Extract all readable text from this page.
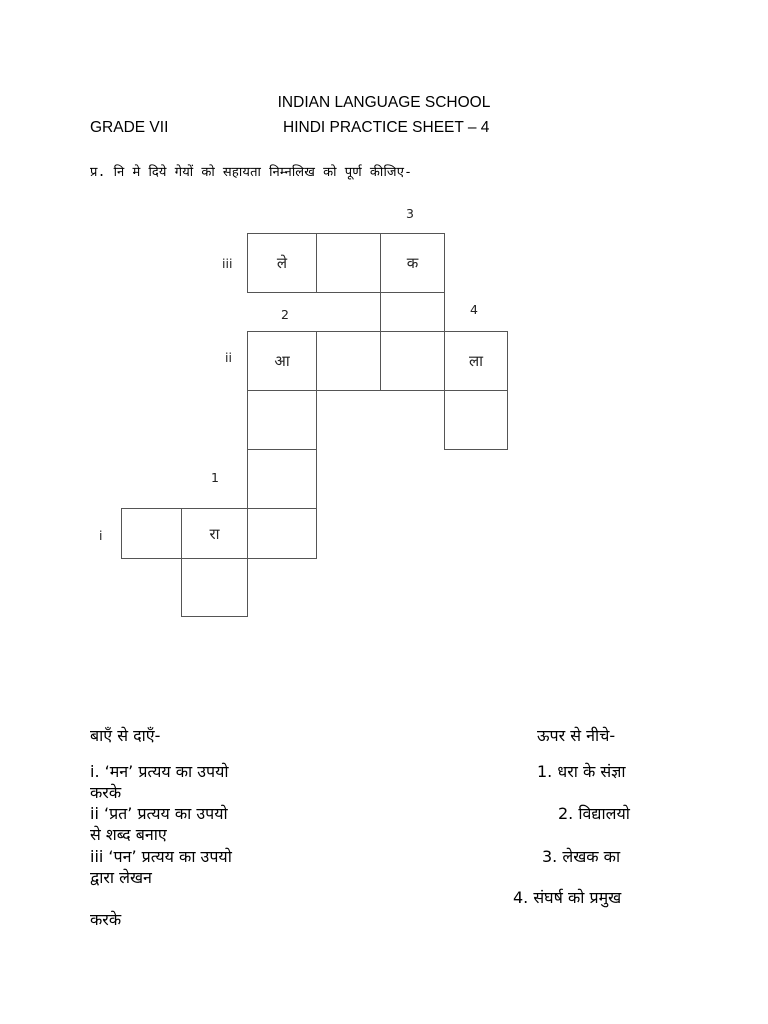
INDIAN LANGUAGE SCHOOL
GRADE VII	HINDI PRACTICE SHEET – 4
प्र. नि मे दिये गेयों को सहायता निम्नलिख को पूर्ण कीजिए-
ले	क
आ	ला
रा
iii
ii
i
1
2
3
4
बाएँ से दाएँ-	ऊपर से नीचे-
i. ‘मन’ प्रत्यय का उपयो
करके
ii ‘प्रत’ प्रत्यय का उपयो
से शब्द बनाए
iii ‘पन’ प्रत्यय का उपयो
द्वारा लेखन
1. धरा के संज्ञा
2. विद्यालयो
3. लेखक का
4. संघर्ष को प्रमुख
करके
